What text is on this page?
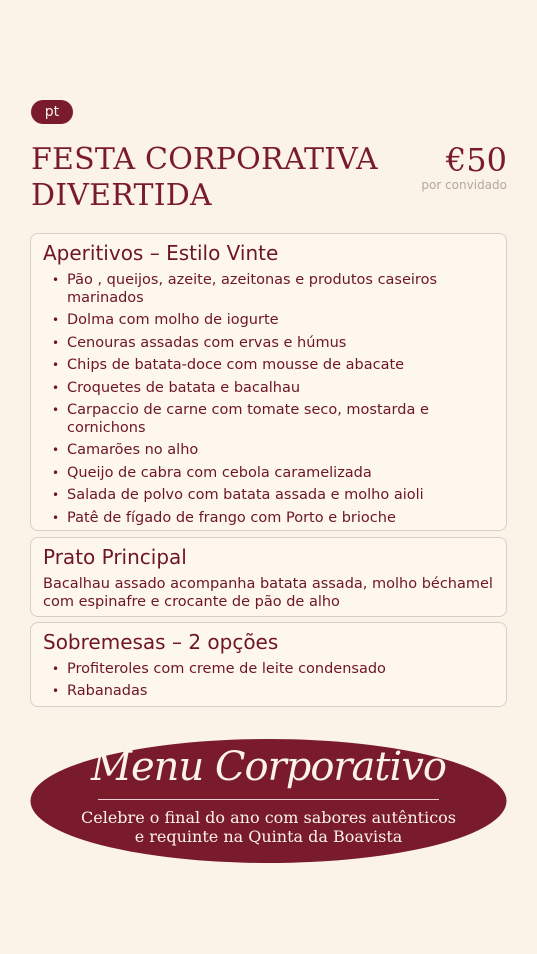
pt
FESTA CORPORATIVA DIVERTIDA
€50
por convidado
Aperitivos – Estilo Vinte
• Pão , queijos, azeite, azeitonas e produtos caseiros marinados
• Dolma com molho de iogurte
• Cenouras assadas com ervas e húmus
• Chips de batata-doce com mousse de abacate
• Croquetes de batata e bacalhau
• Carpaccio de carne com tomate seco, mostarda e cornichons
• Camarões no alho
• Queijo de cabra com cebola caramelizada
• Salada de polvo com batata assada e molho aioli
• Patê de fígado de frango com Porto e brioche
Prato Principal

Bacalhau assado acompanha batata assada, molho béchamel com espinafre e crocante de pão de alho

Sobremesas – 2 opções
• Profiteroles com creme de leite condensado
• Rabanadas
Menu Corporativo
Celebre o final do ano com sabores autênticos
e requinte na Quinta da Boavista
